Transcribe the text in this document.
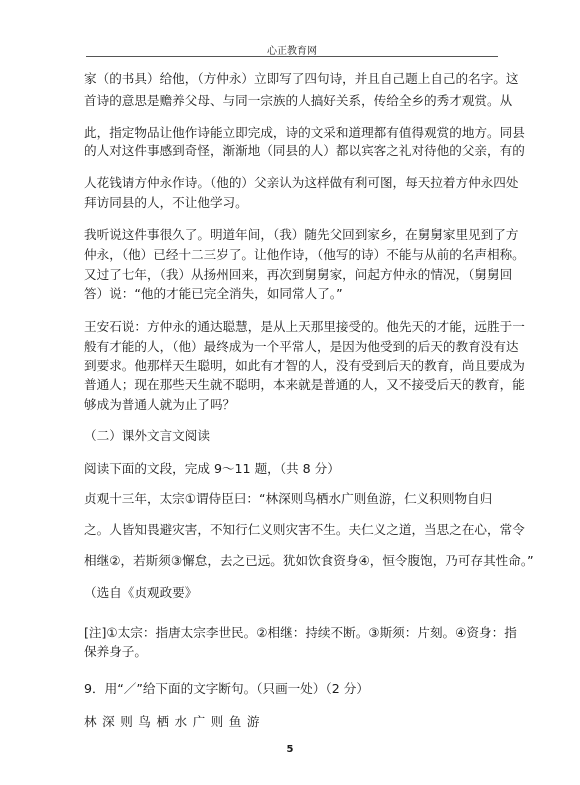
心正教育网
家（的书具）给他，（方仲永）立即写了四句诗，并且自己题上自己的名字。这
首诗的意思是赡养父母、与同一宗族的人搞好关系，传给全乡的秀才观赏。从
此，指定物品让他作诗能立即完成，诗的文采和道理都有值得观赏的地方。同县
的人对这件事感到奇怪，渐渐地（同县的人）都以宾客之礼对待他的父亲，有的
人花钱请方仲永作诗。（他的）父亲认为这样做有利可图，每天拉着方仲永四处
拜访同县的人，不让他学习。
我听说这件事很久了。明道年间，（我）随先父回到家乡，在舅舅家里见到了方
仲永，（他）已经十二三岁了。让他作诗，（他写的诗）不能与从前的名声相称。
又过了七年，（我）从扬州回来，再次到舅舅家，问起方仲永的情况，（舅舅回
答）说：“他的才能已完全消失，如同常人了。”
王安石说：方仲永的通达聪慧，是从上天那里接受的。他先天的才能，远胜于一
般有才能的人，（他）最终成为一个平常人，是因为他受到的后天的教育没有达
到要求。他那样天生聪明，如此有才智的人，没有受到后天的教育，尚且要成为
普通人；现在那些天生就不聪明，本来就是普通的人，又不接受后天的教育，能
够成为普通人就为止了吗？
（二）课外文言文阅读
阅读下面的文段，完成 9～11 题，（共 8 分）
贞观十三年，太宗①谓侍臣曰：“林深则鸟栖水广则鱼游，仁义积则物自归
之。人皆知畏避灾害，不知行仁义则灾害不生。夫仁义之道，当思之在心，常令
相继②，若斯须③懈怠，去之已远。犹如饮食资身④，恒令腹饱，乃可存其性命。”
（选自《贞观政要》
[注]①太宗：指唐太宗李世民。②相继：持续不断。③斯须：片刻。④资身：指
保养身子。
9．用“／”给下面的文字断句。（只画一处）（2 分）
林深则鸟栖水广则鱼游
5
